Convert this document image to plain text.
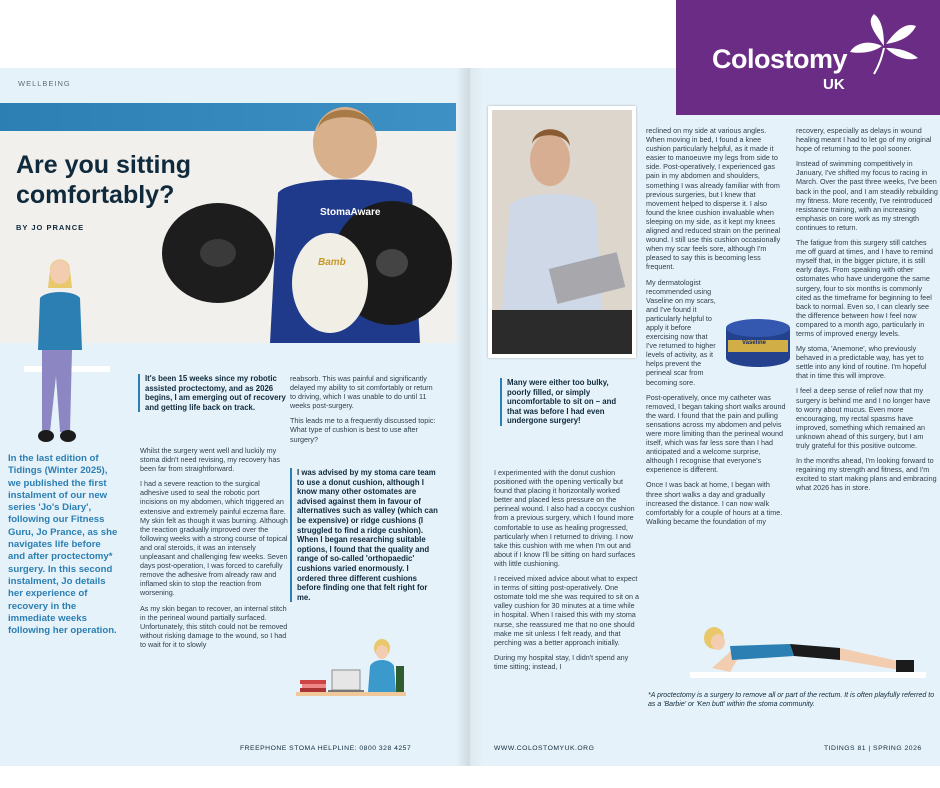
WELLBEING
Colostomy
UK
StomaAware
Bamb
Are you sitting
comfortably?
BY JO PRANCE
In the last edition of Tidings (Winter 2025), we published the first instalment of our new series 'Jo's Diary', following our Fitness Guru, Jo Prance, as she navigates life before and after proctectomy* surgery. In this second instalment, Jo details her experience of recovery in the immediate weeks following her operation.
It's been 15 weeks since my robotic assisted proctectomy, and as 2026 begins, I am emerging out of recovery and getting life back on track.

Whilst the surgery went well and luckily my stoma didn't need revising, my recovery has been far from straightforward.

I had a severe reaction to the surgical adhesive used to seal the robotic port incisions on my abdomen, which triggered an extensive and extremely painful eczema flare. My skin felt as though it was burning. Although the reaction gradually improved over the following weeks with a strong course of topical and oral steroids, it was an intensely unpleasant and challenging few weeks. Seven days post-operation, I was forced to carefully remove the adhesive from already raw and inflamed skin to stop the reaction from worsening.

As my skin began to recover, an internal stitch in the perineal wound partially surfaced. Unfortunately, this stitch could not be removed without risking damage to the wound, so I had to wait for it to slowly

reabsorb. This was painful and significantly delayed my ability to sit comfortably or return to driving, which I was unable to do until 11 weeks post-surgery.

This leads me to a frequently discussed topic: What type of cushion is best to use after surgery?

I was advised by my stoma care team to use a donut cushion, although I know many other ostomates are advised against them in favour of alternatives such as valley (which can be expensive) or ridge cushions (I struggled to find a ridge cushion). When I began researching suitable options, I found that the quality and range of so-called 'orthopaedic' cushions varied enormously. I ordered three different cushions before finding one that felt right for me.
FREEPHONE STOMA HELPLINE: 0800 328 4257	WWW.COLOSTOMYUK.ORG	TIDINGS 81 | SPRING 2026
Many were either too bulky, poorly filled, or simply uncomfortable to sit on – and that was before I had even undergone surgery!

I experimented with the donut cushion positioned with the opening vertically but found that placing it horizontally worked better and placed less pressure on the perineal wound. I also had a coccyx cushion from a previous surgery, which I found more comfortable to use as healing progressed, particularly when I returned to driving. I now take this cushion with me when I'm out and about if I know I'll be sitting on hard surfaces with little cushioning.

I received mixed advice about what to expect in terms of sitting post-operatively. One ostomate told me she was required to sit on a valley cushion for 30 minutes at a time while in hospital. When I raised this with my stoma nurse, she reassured me that no one should make me sit unless I felt ready, and that perching was a better approach initially.

During my hospital stay, I didn't spend any time sitting; instead, I

reclined on my side at various angles. When moving in bed, I found a knee cushion particularly helpful, as it made it easier to manoeuvre my legs from side to side. Post-operatively, I experienced gas pain in my abdomen and shoulders, something I was already familiar with from previous surgeries, but I knew that movement helped to disperse it. I also found the knee cushion invaluable when sleeping on my side, as it kept my knees aligned and reduced strain on the perineal wound. I still use this cushion occasionally when my scar feels sore, although I'm pleased to say this is becoming less frequent.

My dermatologist recommended using Vaseline on my scars, and I've found it particularly helpful to apply it before exercising now that I've returned to higher levels of activity, as it helps prevent the perineal scar from becoming sore.

Post-operatively, once my catheter was removed, I began taking short walks around the ward. I found that the pain and pulling sensations across my abdomen and pelvis were more limiting than the perineal wound itself, which was far less sore than I had anticipated and a welcome surprise, although I recognise that everyone's experience is different.

Once I was back at home, I began with three short walks a day and gradually increased the distance. I can now walk comfortably for a couple of hours at a time. Walking became the foundation of my

Vaseline

recovery, especially as delays in wound healing meant I had to let go of my original hope of returning to the pool sooner.

Instead of swimming competitively in January, I've shifted my focus to racing in March. Over the past three weeks, I've been back in the pool, and I am steadily rebuilding my fitness. More recently, I've reintroduced resistance training, with an increasing emphasis on core work as my strength continues to return.

The fatigue from this surgery still catches me off guard at times, and I have to remind myself that, in the bigger picture, it is still early days. From speaking with other ostomates who have undergone the same surgery, four to six months is commonly cited as the timeframe for beginning to feel back to normal. Even so, I can clearly see the difference between how I feel now compared to a month ago, particularly in terms of improved energy levels.

My stoma, 'Anemone', who previously behaved in a predictable way, has yet to settle into any kind of routine. I'm hopeful that in time this will improve.

I feel a deep sense of relief now that my surgery is behind me and I no longer have to worry about mucus. Even more encouraging, my rectal spasms have improved, something which remained an unknown ahead of this surgery, but I am truly grateful for this positive outcome.

In the months ahead, I'm looking forward to regaining my strength and fitness, and I'm excited to start making plans and embracing what 2026 has in store.

*A proctectomy is a surgery to remove all or part of the rectum. It is often playfully referred to as a 'Barbie' or 'Ken butt' within the stoma community.
